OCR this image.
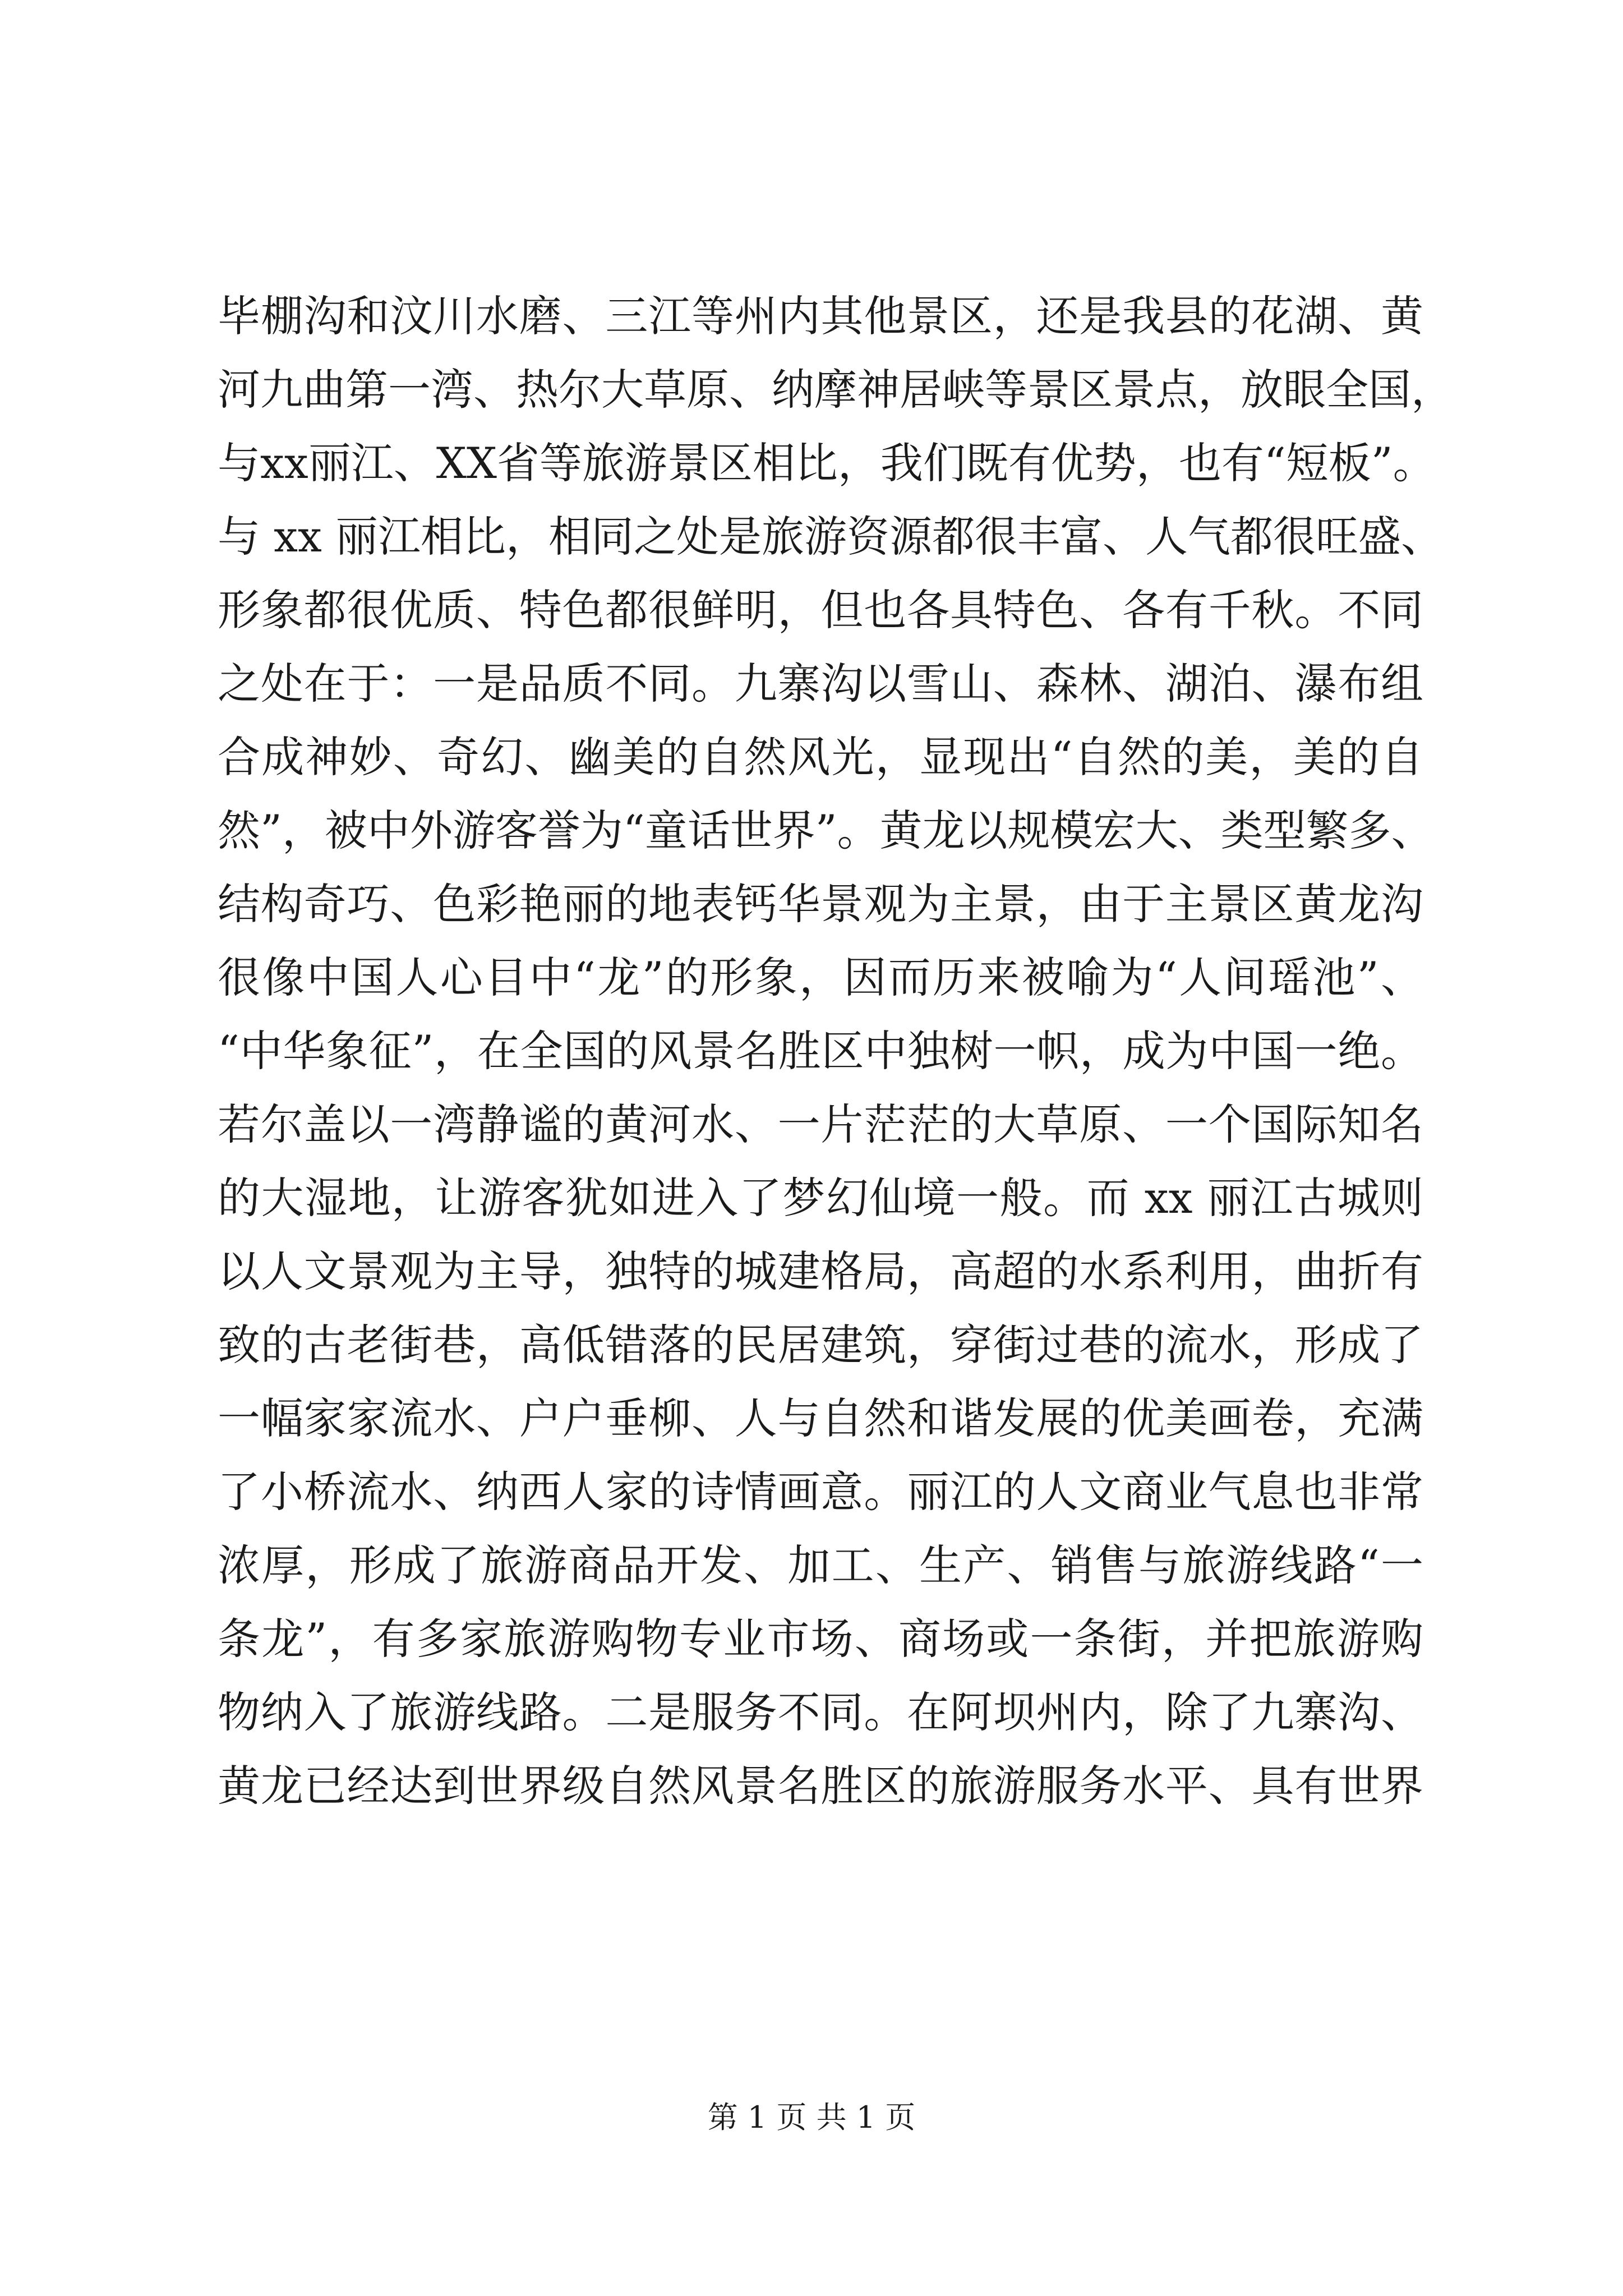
毕棚沟和汶川水磨、三江等州内其他景区，还是我县的花湖、黄
河九曲第一湾、热尔大草原、纳摩神居峡等景区景点，放眼全国，
与xx丽江、XX省等旅游景区相比，我们既有优势，也有“短板”。
与 xx 丽江相比，相同之处是旅游资源都很丰富、人气都很旺盛、
形象都很优质、特色都很鲜明，但也各具特色、各有千秋。不同
之处在于：一是品质不同。九寨沟以雪山、森林、湖泊、瀑布组
合成神妙、奇幻、幽美的自然风光，显现出“自然的美，美的自
然”，被中外游客誉为“童话世界”。黄龙以规模宏大、类型繁多、
结构奇巧、色彩艳丽的地表钙华景观为主景，由于主景区黄龙沟
很像中国人心目中“龙”的形象，因而历来被喻为“人间瑶池”、
“中华象征”，在全国的风景名胜区中独树一帜，成为中国一绝。
若尔盖以一湾静谧的黄河水、一片茫茫的大草原、一个国际知名
的大湿地，让游客犹如进入了梦幻仙境一般。而 xx 丽江古城则
以人文景观为主导，独特的城建格局，高超的水系利用，曲折有
致的古老街巷，高低错落的民居建筑，穿街过巷的流水，形成了
一幅家家流水、户户垂柳、人与自然和谐发展的优美画卷，充满
了小桥流水、纳西人家的诗情画意。丽江的人文商业气息也非常
浓厚，形成了旅游商品开发、加工、生产、销售与旅游线路“一
条龙”，有多家旅游购物专业市场、商场或一条街，并把旅游购
物纳入了旅游线路。二是服务不同。在阿坝州内，除了九寨沟、
黄龙已经达到世界级自然风景名胜区的旅游服务水平、具有世界
第 1 页 共 1 页
